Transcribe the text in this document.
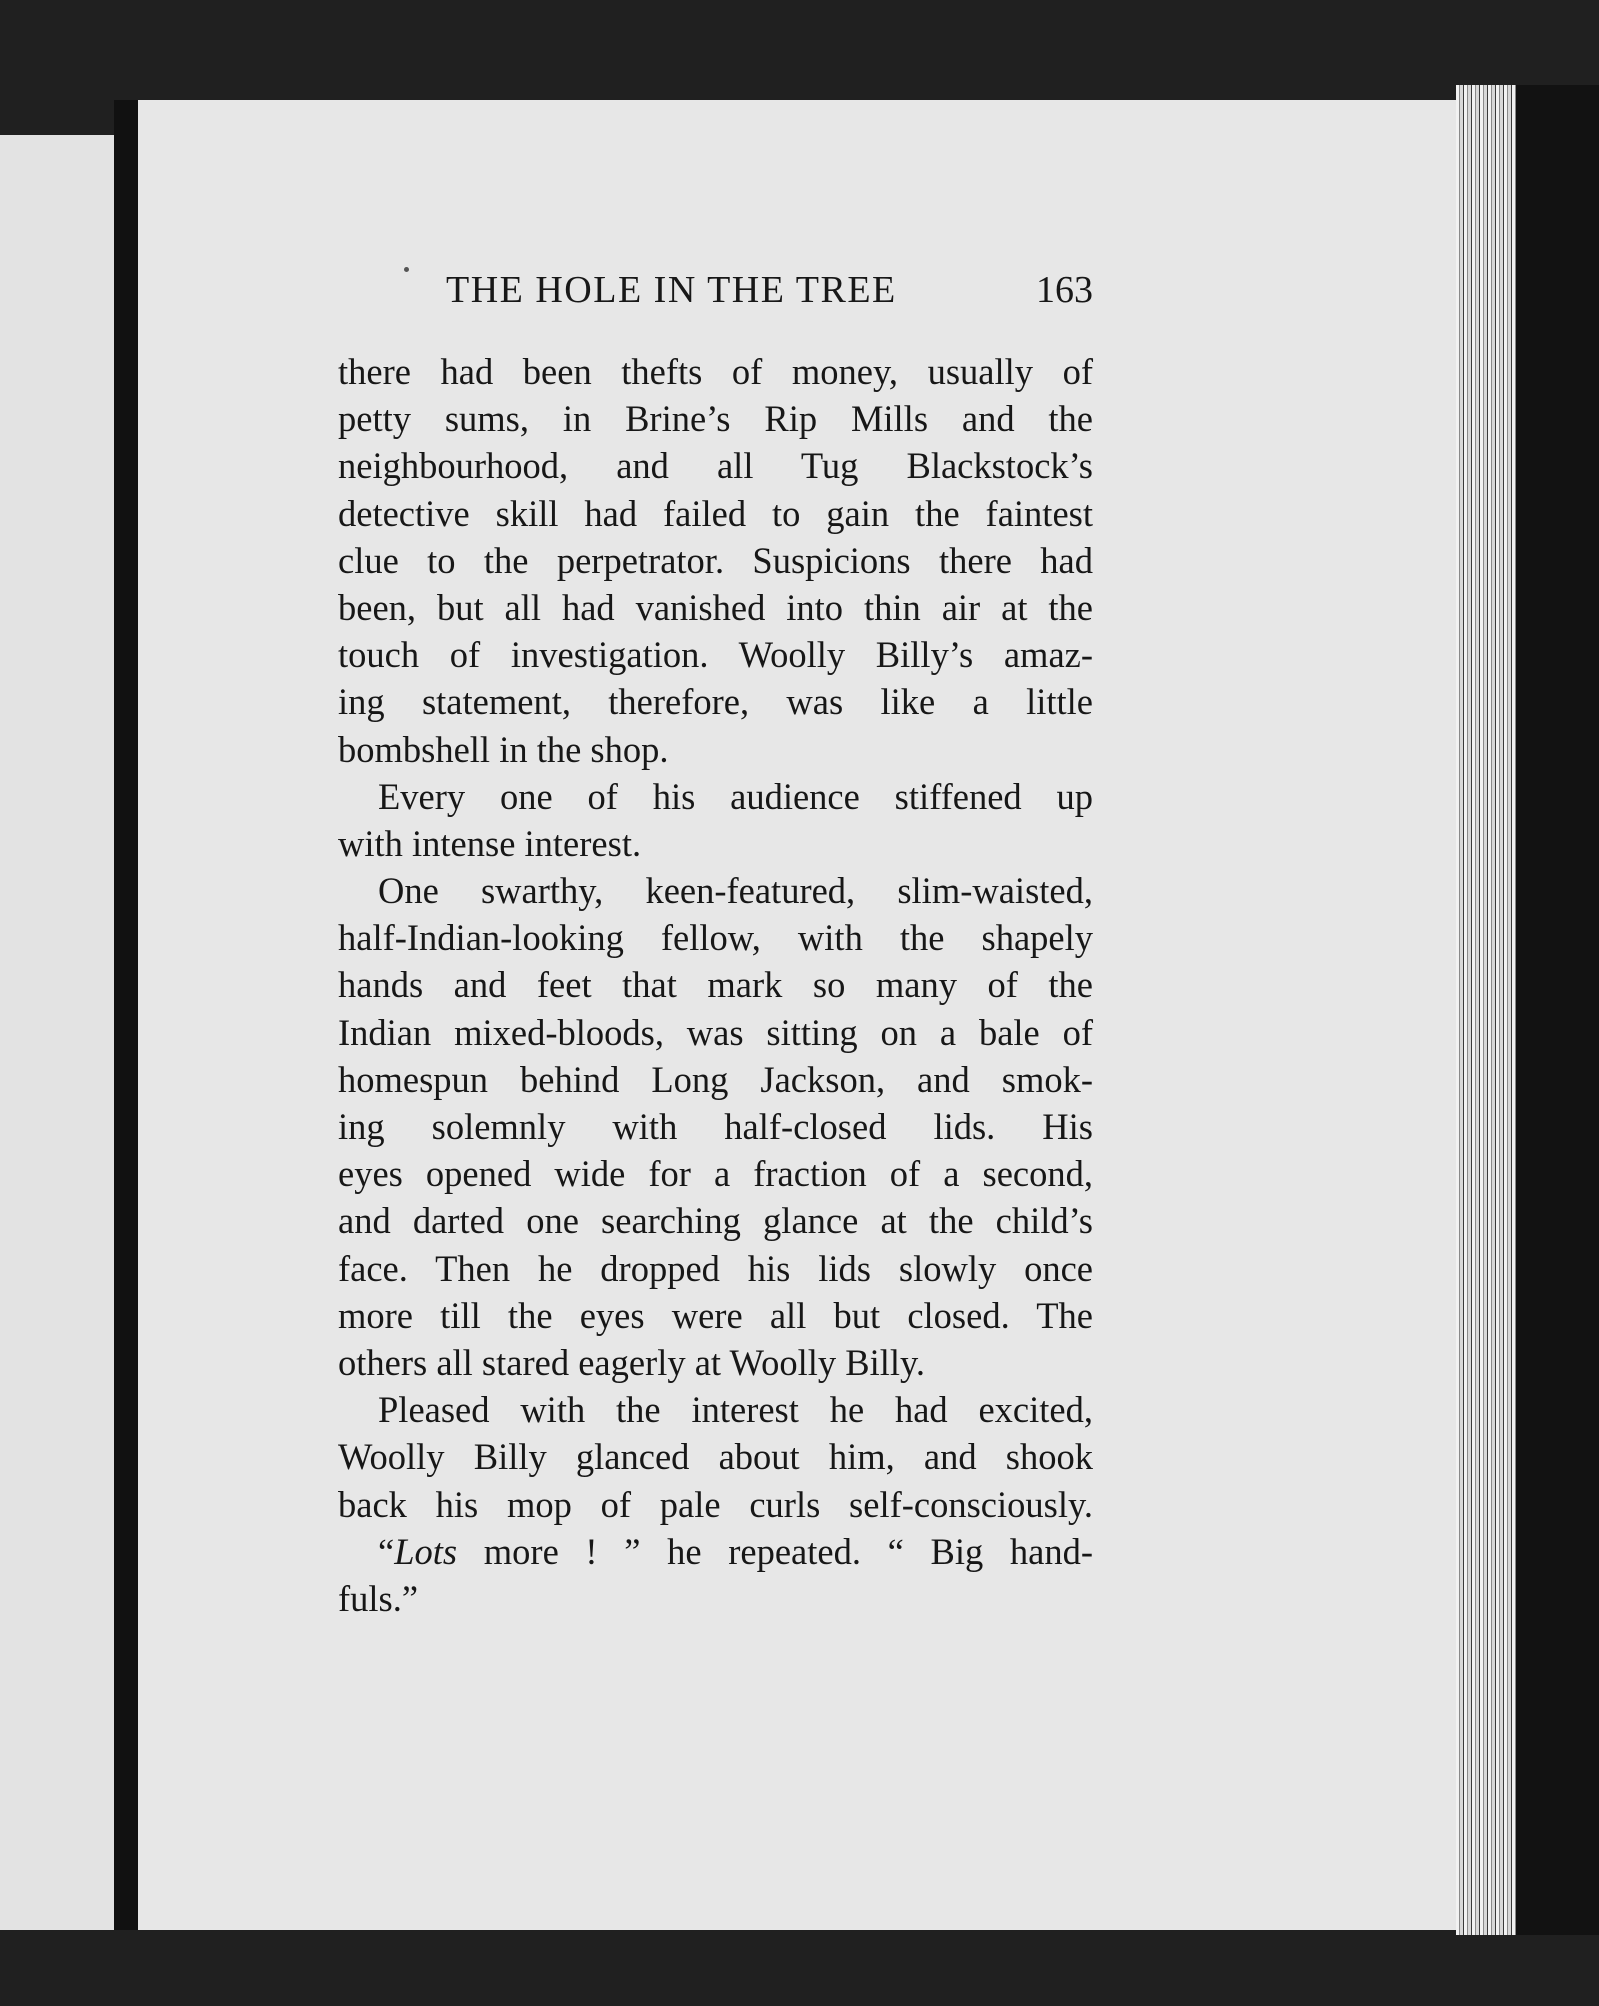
THE HOLE IN THE TREE	163
there had been thefts of money, usually of
petty sums, in Brine’s Rip Mills and the
neighbourhood, and all Tug Blackstock’s
detective skill had failed to gain the faintest
clue to the perpetrator. Suspicions there had
been, but all had vanished into thin air at the
touch of investigation. Woolly Billy’s amaz-
ing statement, therefore, was like a little
bombshell in the shop.
Every one of his audience stiffened up
with intense interest.
One swarthy, keen-featured, slim-waisted,
half-Indian-looking fellow, with the shapely
hands and feet that mark so many of the
Indian mixed-bloods, was sitting on a bale of
homespun behind Long Jackson, and smok-
ing solemnly with half-closed lids. His
eyes opened wide for a fraction of a second,
and darted one searching glance at the child’s
face. Then he dropped his lids slowly once
more till the eyes were all but closed. The
others all stared eagerly at Woolly Billy.
Pleased with the interest he had excited,
Woolly Billy glanced about him, and shook
back his mop of pale curls self-consciously.
“Lots more ! ” he repeated. “ Big hand-
fuls.”
